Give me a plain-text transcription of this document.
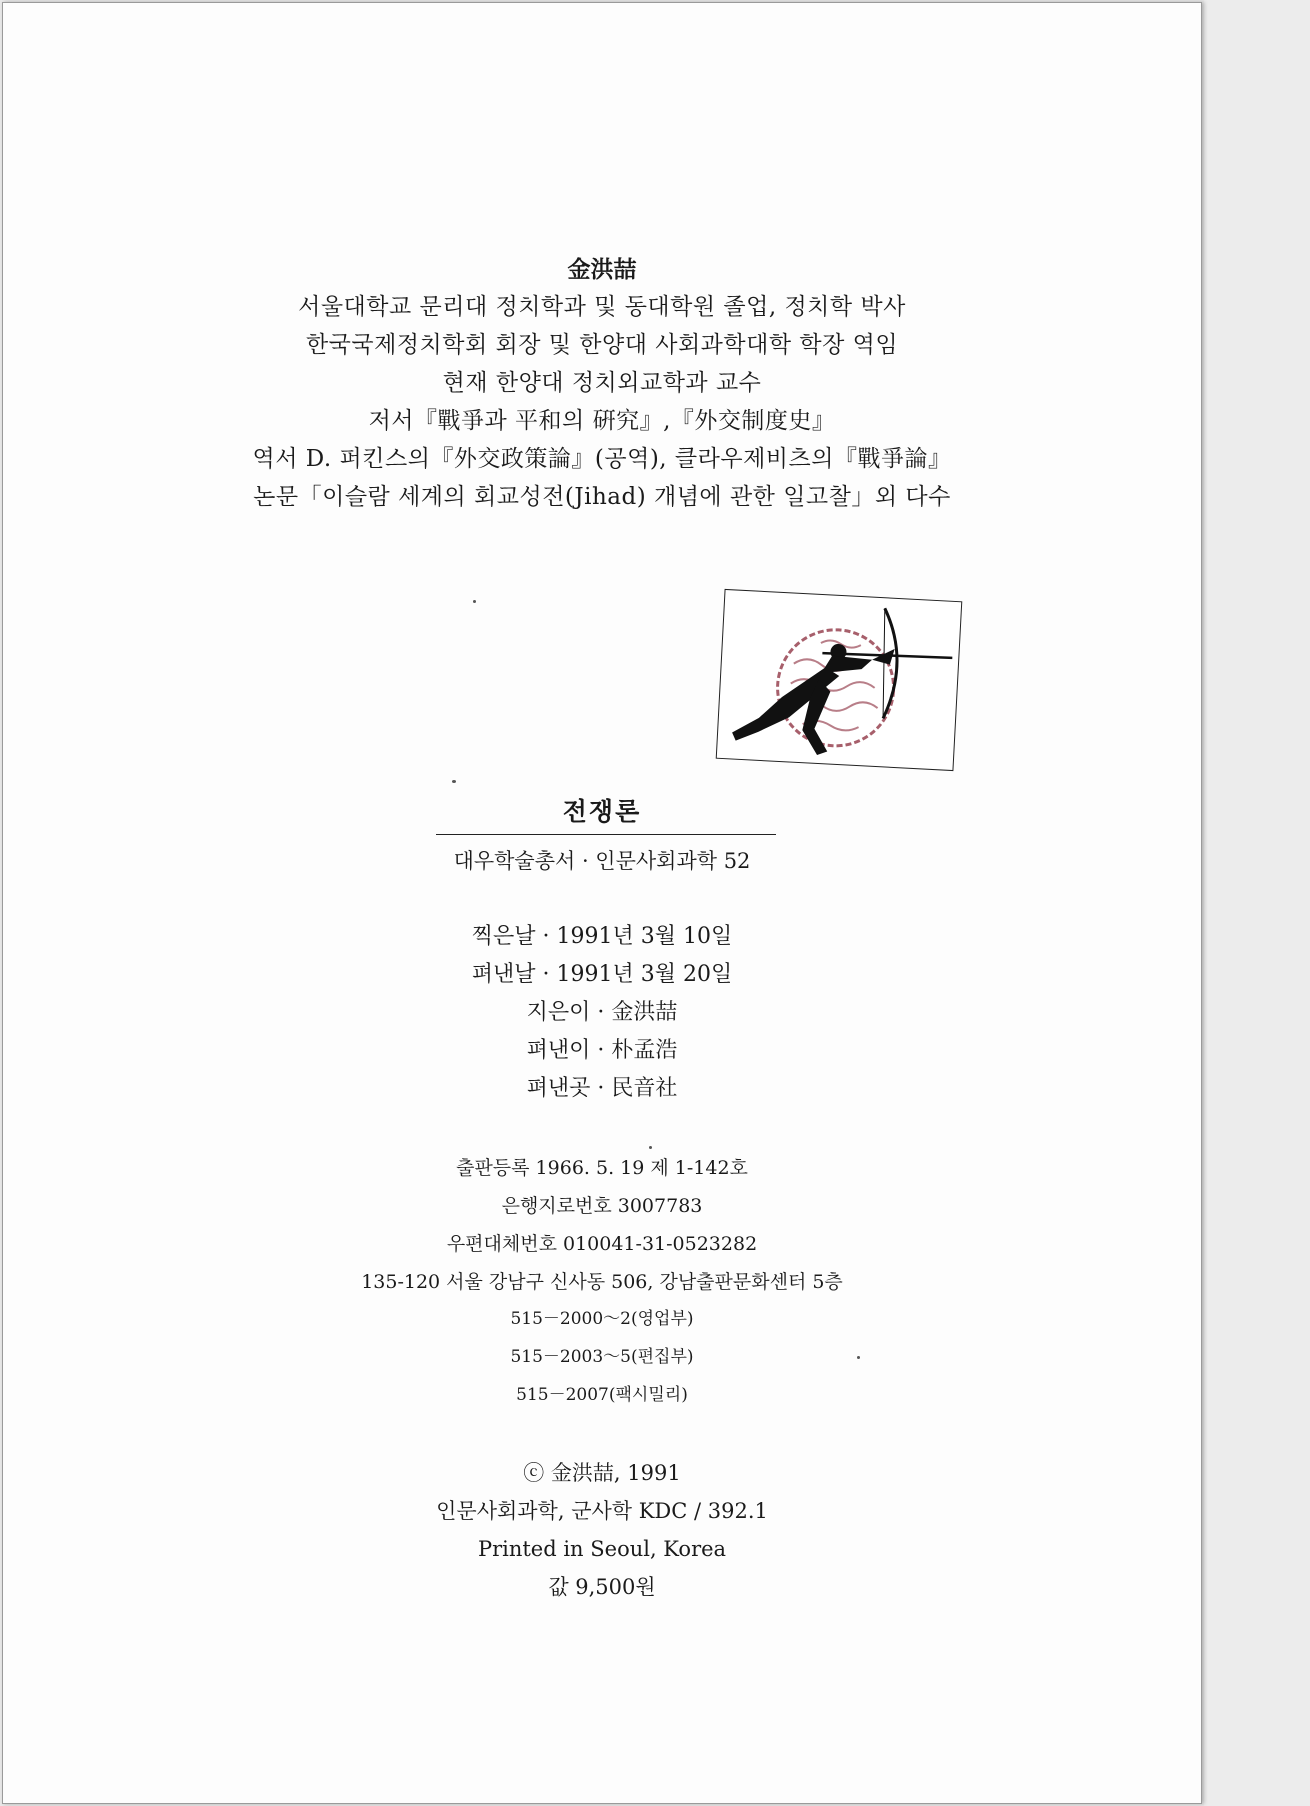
金洪喆
서울대학교 문리대 정치학과 및 동대학원 졸업, 정치학 박사
한국국제정치학회 회장 및 한양대 사회과학대학 학장 역임
현재 한양대 정치외교학과 교수
저서『戰爭과 平和의 硏究』,『外交制度史』
역서 D. 퍼킨스의『外交政策論』(공역), 클라우제비츠의『戰爭論』
논문「이슬람 세계의 회교성전(Jihad) 개념에 관한 일고찰」외 다수
전쟁론
대우학술총서 · 인문사회과학 52
찍은날 · 1991년 3월 10일
펴낸날 · 1991년 3월 20일
지은이 · 金洪喆
펴낸이 · 朴孟浩
펴낸곳 · 民音社
출판등록 1966. 5. 19 제 1-142호
은행지로번호 3007783
우편대체번호 010041-31-0523282
135-120 서울 강남구 신사동 506, 강남출판문화센터 5층
515－2000～2(영업부)
515－2003～5(편집부)
515－2007(팩시밀리)
ⓒ 金洪喆, 1991
인문사회과학, 군사학 KDC / 392.1
Printed in Seoul, Korea
값 9,500원
